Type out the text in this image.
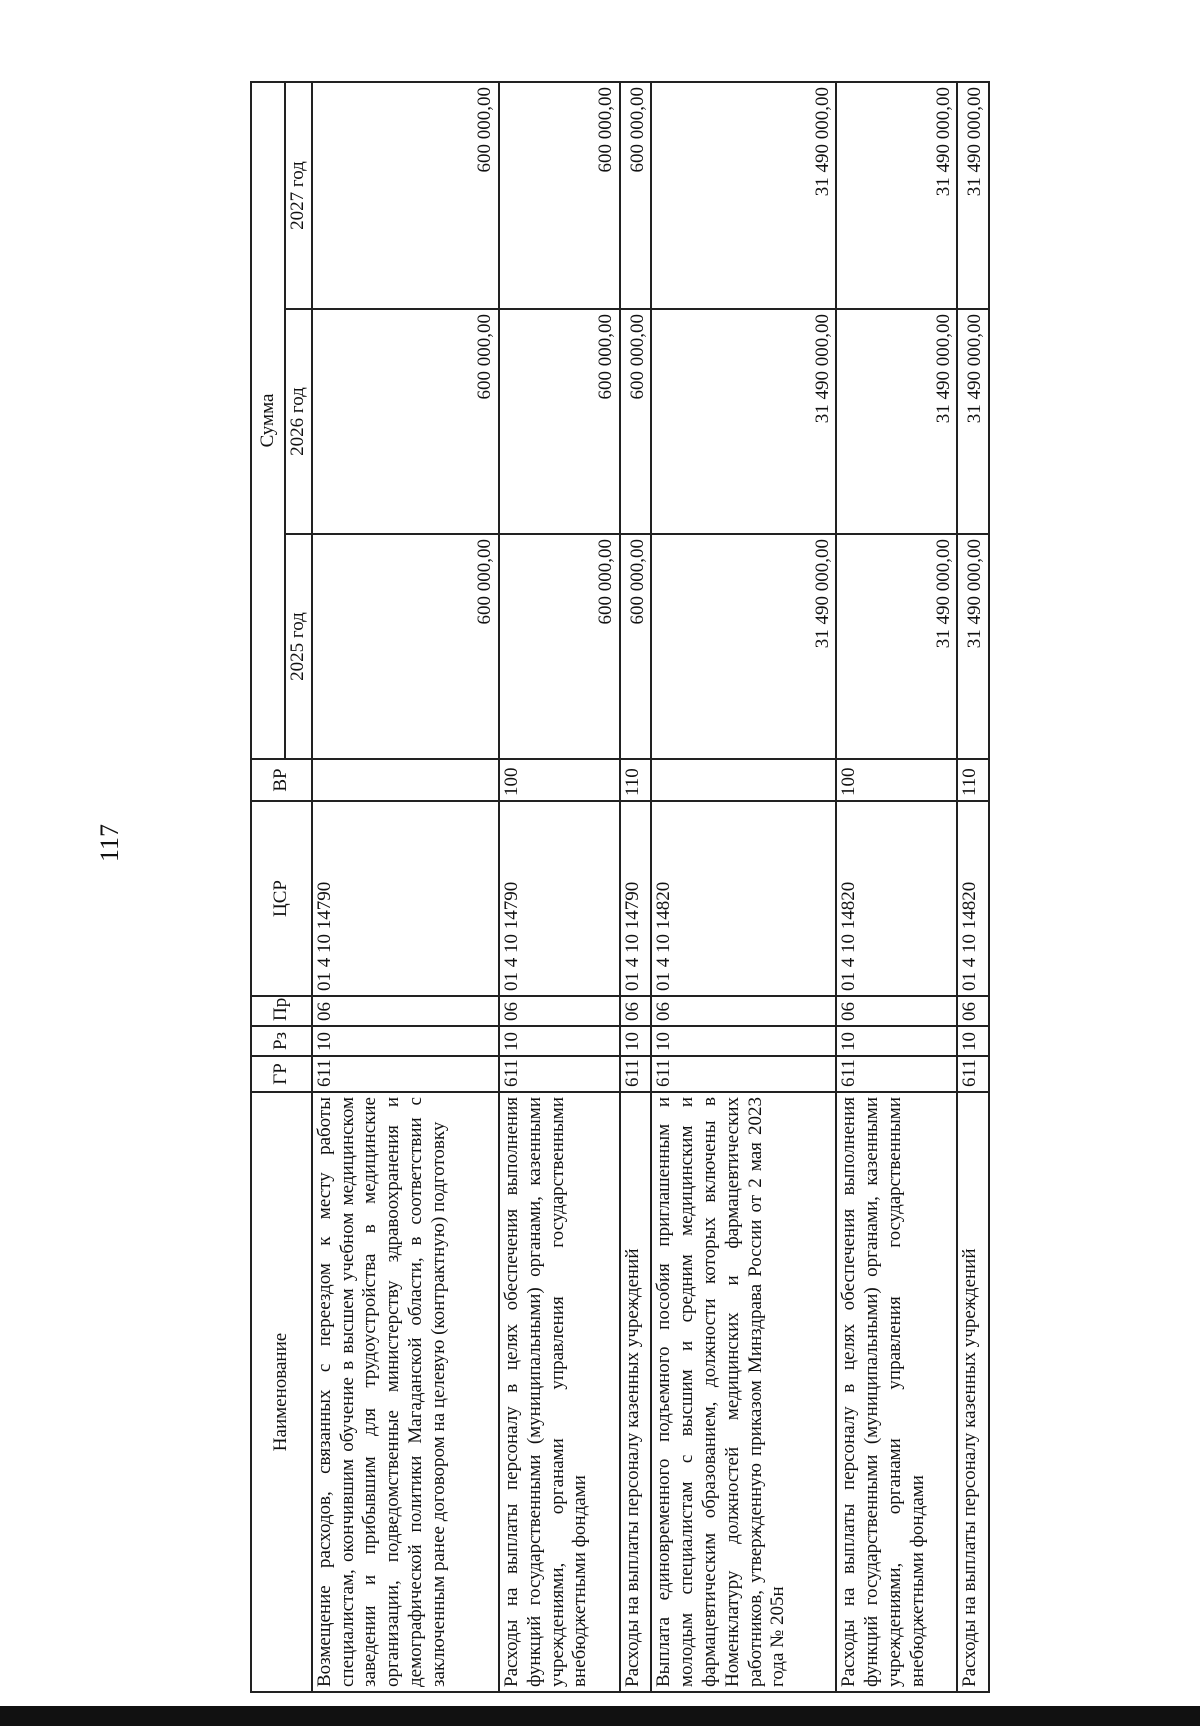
117
Наименование	ГР	Рз	Пр	ЦСР	ВР	Сумма		
						2025 год	2026 год	2027 год
Возмещение расходов, связанных с переездом к месту работы специалистам, окончившим обучение в высшем учебном медицинском заведении и прибывшим для трудоустройства в медицинские организации, подведомственные министерству здравоохранения и демографической политики Магаданской области, в соответствии с заключенным ранее договором на целевую (контрактную) подготовку	611	10	06	01 4 10 14790		600 000,00	600 000,00	600 000,00
Расходы на выплаты персоналу в целях обеспечения выполнения функций государственными (муниципальными) органами, казенными учреждениями, органами управления государственными внебюджетными фондами	611	10	06	01 4 10 14790	100	600 000,00	600 000,00	600 000,00
Расходы на выплаты персоналу казенных учреждений	611	10	06	01 4 10 14790	110	600 000,00	600 000,00	600 000,00
Выплата единовременного подъемного пособия приглашенным и молодым специалистам с высшим и средним медицинским и фармацевтическим образованием, должности которых включены в Номенклатуру должностей медицинских и фармацевтических работников, утвержденную приказом Минздрава России от 2 мая 2023 года № 205н	611	10	06	01 4 10 14820		31 490 000,00	31 490 000,00	31 490 000,00
Расходы на выплаты персоналу в целях обеспечения выполнения функций государственными (муниципальными) органами, казенными учреждениями, органами управления государственными внебюджетными фондами	611	10	06	01 4 10 14820	100	31 490 000,00	31 490 000,00	31 490 000,00
Расходы на выплаты персоналу казенных учреждений	611	10	06	01 4 10 14820	110	31 490 000,00	31 490 000,00	31 490 000,00
